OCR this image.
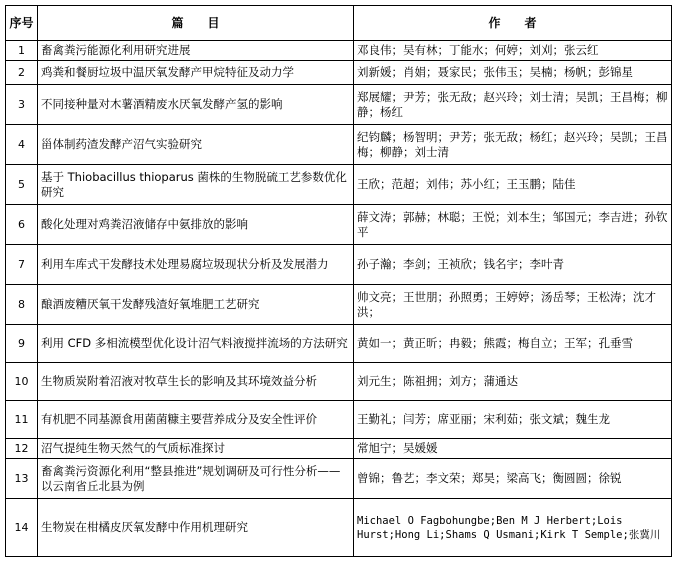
序号	篇　　目	作　　者
1	畜禽粪污能源化利用研究进展	邓良伟；吴有林；丁能水；何婷；刘刈；张云红
2	鸡粪和餐厨垃圾中温厌氧发酵产甲烷特征及动力学	刘新媛；肖娟；聂家民；张伟玉；吴楠；杨帆；彭锦星
3	不同接种量对木薯酒精废水厌氧发酵产氢的影响	郑展耀；尹芳；张无敌；赵兴玲；刘士清；吴凯；王昌梅；柳静；杨红
4	甾体制药渣发酵产沼气实验研究	纪钧麟；杨智明；尹芳；张无敌；杨红；赵兴玲；吴凯；王昌梅；柳静；刘士清
5	基于 Thiobacillus thioparus 菌株的生物脱硫工艺参数优化研究	王欣；范超；刘伟；苏小红；王玉鹏；陆佳
6	酸化处理对鸡粪沼液储存中氨排放的影响	薛文涛；郭赫；林聪；王悦；刘本生；邹国元；李吉进；孙钦平
7	利用车库式干发酵技术处理易腐垃圾现状分析及发展潜力	孙子瀚；李剑；王祯欣；钱名宇；李叶青
8	酿酒废糟厌氧干发酵残渣好氧堆肥工艺研究	帅文亮；王世朋；孙照勇；王婷婷；汤岳琴；王松涛；沈才洪；
9	利用 CFD 多相流模型优化设计沼气料液搅拌流场的方法研究	黄如一；黄正昕；冉毅；熊霞；梅自立；王军；孔垂雪
10	生物质炭附着沼液对牧草生长的影响及其环境效益分析	刘元生；陈祖拥；刘方；蒲通达
11	有机肥不同基源食用菌菌糠主要营养成分及安全性评价	王勤礼；闫芳；席亚丽；宋利茹；张文斌；魏生龙
12	沼气提纯生物天然气的气质标准探讨	常旭宁；吴媛媛
13	畜禽粪污资源化利用“整县推进”规划调研及可行性分析——以云南省丘北县为例	曾锦；鲁艺；李文荣；郑昊；梁高飞；衡圆圆；徐锐
14	生物炭在柑橘皮厌氧发酵中作用机理研究	Michael O Fagbohungbe;Ben M J Herbert;Lois Hurst;Hong Li;Shams Q Usmani;Kirk T Semple;张冀川
